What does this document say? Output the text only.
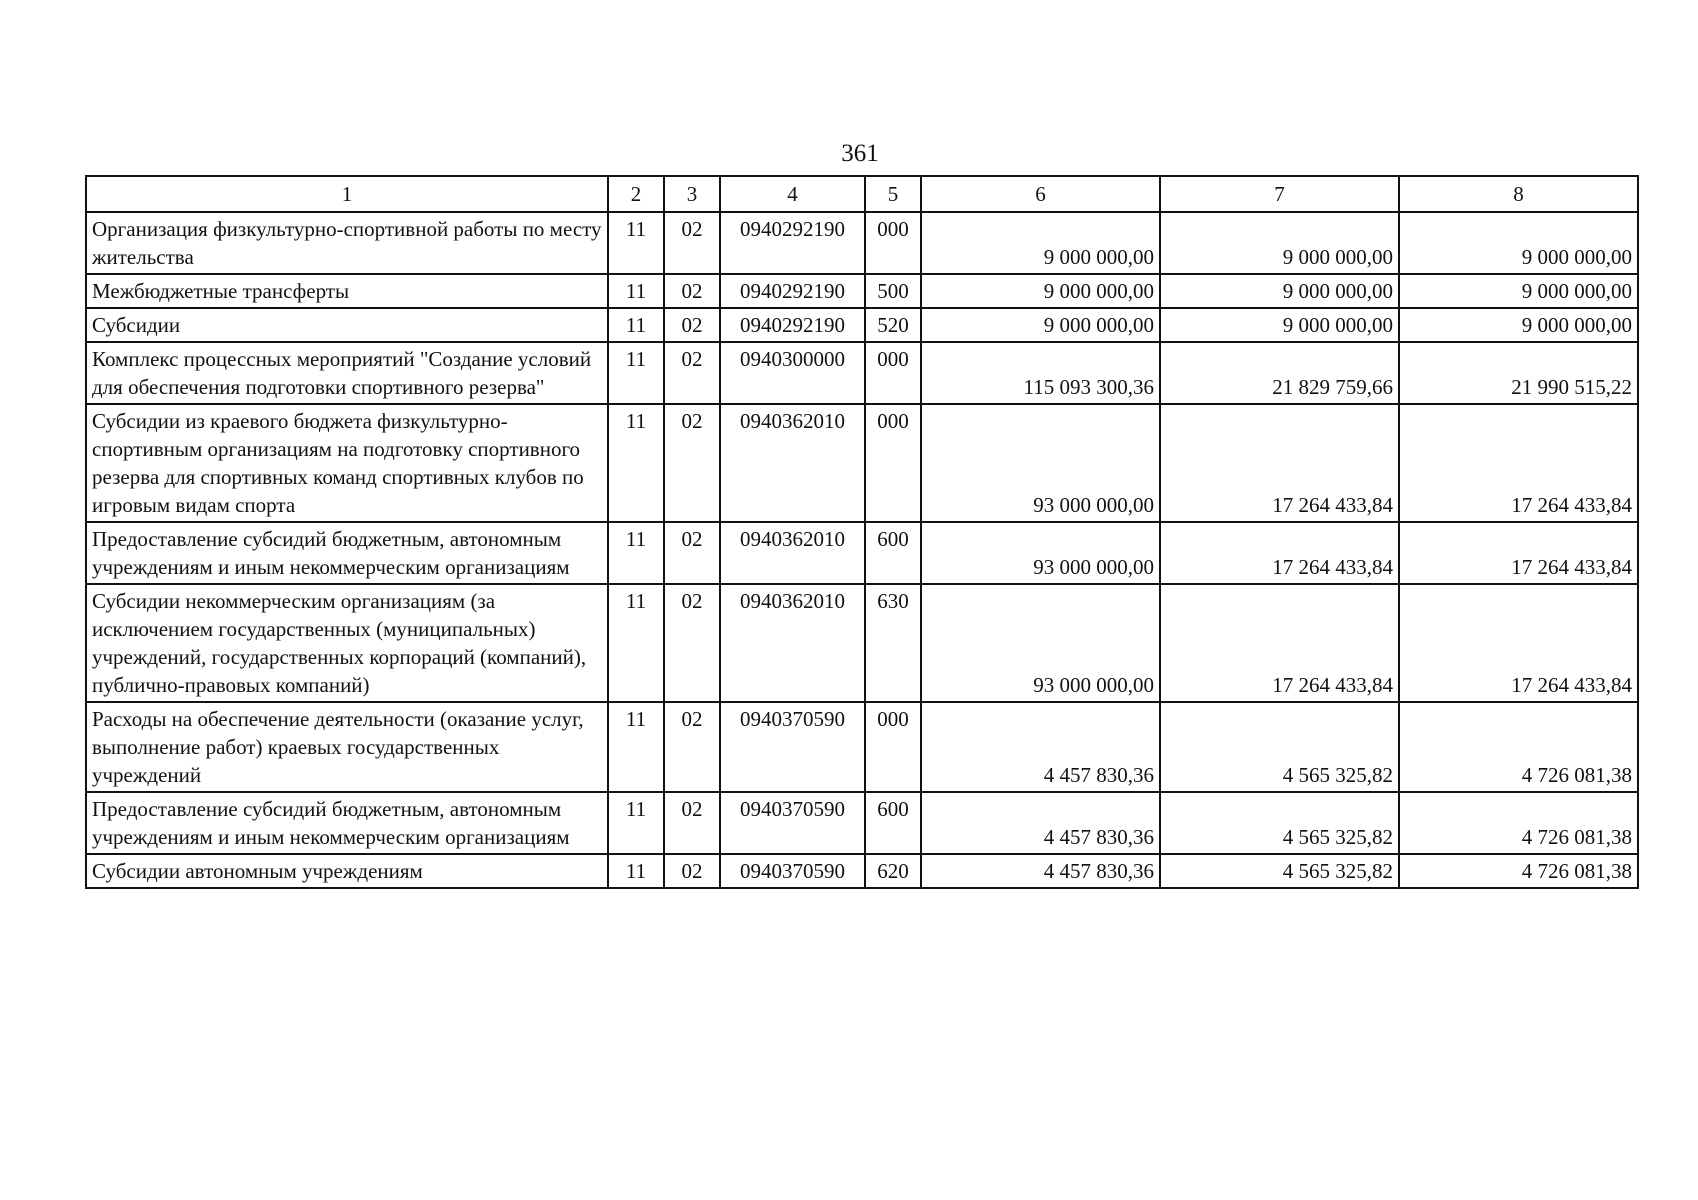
361
1	2	3	4	5	6	7	8
Организация физкультурно-спортивной работы по месту жительства	11	02	0940292190	000	9 000 000,00	9 000 000,00	9 000 000,00
Межбюджетные трансферты	11	02	0940292190	500	9 000 000,00	9 000 000,00	9 000 000,00
Субсидии	11	02	0940292190	520	9 000 000,00	9 000 000,00	9 000 000,00
Комплекс процессных мероприятий "Создание условий для обеспечения подготовки спортивного резерва"	11	02	0940300000	000	115 093 300,36	21 829 759,66	21 990 515,22
Субсидии из краевого бюджета физкультурно-спортивным организациям на подготовку спортивного резерва для спортивных команд спортивных клубов по игровым видам спорта	11	02	0940362010	000	93 000 000,00	17 264 433,84	17 264 433,84
Предоставление субсидий бюджетным, автономным учреждениям и иным некоммерческим организациям	11	02	0940362010	600	93 000 000,00	17 264 433,84	17 264 433,84
Субсидии некоммерческим организациям (за исключением государственных (муниципальных) учреждений, государственных корпораций (компаний), публично-правовых компаний)	11	02	0940362010	630	93 000 000,00	17 264 433,84	17 264 433,84
Расходы на обеспечение деятельности (оказание услуг, выполнение работ) краевых государственных учреждений	11	02	0940370590	000	4 457 830,36	4 565 325,82	4 726 081,38
Предоставление субсидий бюджетным, автономным учреждениям и иным некоммерческим организациям	11	02	0940370590	600	4 457 830,36	4 565 325,82	4 726 081,38
Субсидии автономным учреждениям	11	02	0940370590	620	4 457 830,36	4 565 325,82	4 726 081,38
